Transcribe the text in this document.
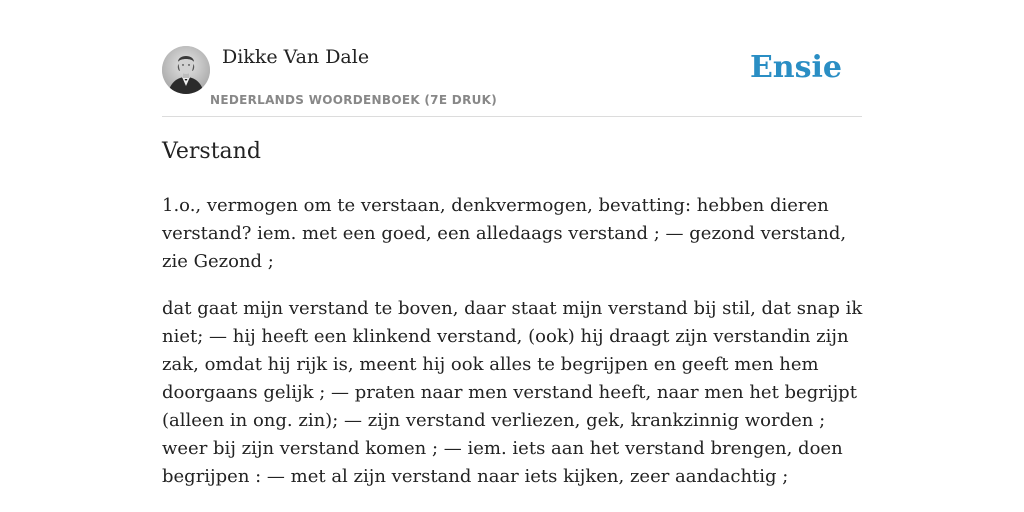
Dikke Van Dale
NEDERLANDS WOORDENBOEK (7E DRUK)
Ensie
Verstand

1.o., vermogen om te verstaan, denkvermogen, bevatting: hebben dieren verstand? iem. met een goed, een alledaags verstand ; — gezond verstand, zie Gezond ;

dat gaat mijn verstand te boven, daar staat mijn verstand bij stil, dat snap ik niet; — hij heeft een klinkend verstand, (ook) hij draagt zijn verstandin zijn zak, omdat hij rijk is, meent hij ook alles te begrijpen en geeft men hem doorgaans gelijk ; — praten naar men verstand heeft, naar men het begrijpt (alleen in ong. zin); — zijn verstand verliezen, gek, krankzinnig worden ; weer bij zijn verstand komen ; — iem. iets aan het verstand brengen, doen begrijpen : — met al zijn verstand naar iets kijken, zeer aandachtig ;
